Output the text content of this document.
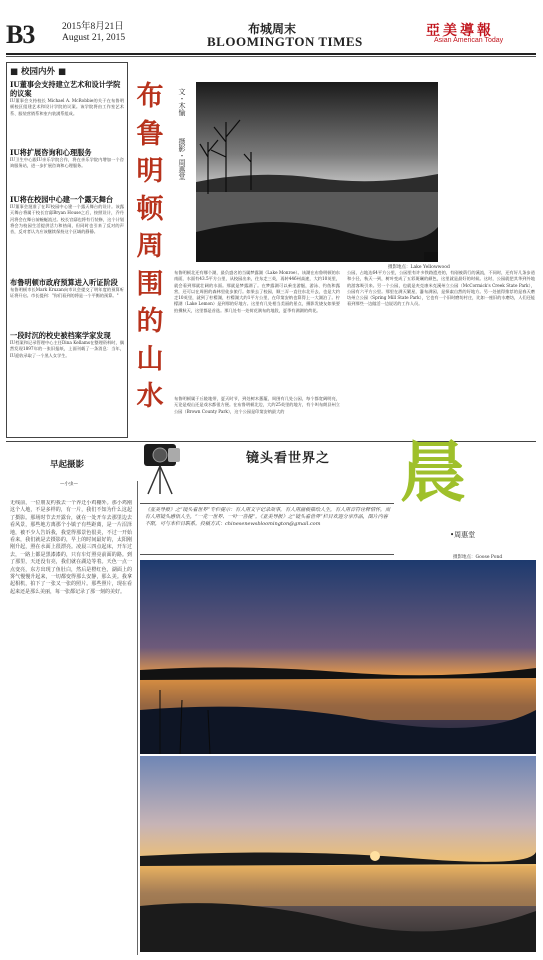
B3	2015年8月21日
August 21, 2015
布城周末
BLOOMINGTON TIMES
亞美導報
Asian American Today
■ 校园内外 ■
IU董事会支持建立艺术和设计学院的议案
IU董事会支持校长 Michael A. McRobbie的关于在布鲁明顿校区组建艺术和设计学院的议案。该学院将由工作室艺术系、服装营销系和室内装潢系组成。
IU将扩展咨询和心理服务
IU卫生中心跟IU亲乐学院合作，将在亲乐学院内增加一个咨询服务站，进一步扩展咨询和心理服务。
IU将在校园中心建一个露天舞台
IU董事会批准了在IU校园中心建一个露天舞台的设计。该露天舞台将属于校长官邸Bryan House之后，按照设计，乔丹河将会在舞台前蜿蜒流过。校长官邸也将有行装修，这个计划将会为校园生活提供活力和热闹，但同时也引来了反对的声音，反对者认为应该继续保持这个区域的静静。
布鲁明顿市政府预算进入听证阶段
布鲁明顿市长Mark Kruzan向市议会提交了明年度的预算听证将开启。市长提到："你们看到的将是一个平衡的预算。"
一段时沉的校史被档案学家发现
IU档案和记录管理中心主任Dina Kellams在整理资料时，偶然发现1897年的一张旧报纸，上面刊载了一条消息：当年，IU迎收录取了一个黑人女学生。
布
鲁
明
顿
周
围
的
山
水
文・木愉
摄影・周惠堂
摄影地点：Lake Yellowwood
布鲁明顿北还有哪个湖，最负盛名的当属梦露湖（Lake Monroe）。该湖在布鲁明顿的东南面，水面有43.5平方公里，从校园出来，往东走三英，再转446州高速，大约10英里，就会看到那就壮阔的水面。那就是梦露湖了。在梦露湖可以乘坐游艇，游泳、钓鱼和露营，还可以在周围的森林里徒步旅行。如果去了校园，顺三弄一直往东北开去，也是大约走10英里，就到了柠檬湖，柠檬湖大约1平方公里，在印第安纳也算得上一大湖泊了。柠檬湖（Lake Lemon）是到那的好地方。这里有几处相当美丽的景点，摄影发烧友如果要拍摄秋天，这里都是首选。那几处有一处荷花满布的地段，夏季有满湖的荷花。
布鲁明顿属于丘陵地带，夏天时节，到处树木蔥蘢，周围有几处公园，每个都宽阔明亮，无论是观山还是戏水都很方便。在布鲁明顿北边，大约25英里的地方，有个叫布朗县州立公园（Brown County Park），这个公园是印第安纳最大的
公园，占地达64平方公里，公园里有许多铁路遗迹的，有刚被荫行的溪流，不同时，还有好几条步道和小径，秋天一到，树叶变成了五彩斑斓的颜色，这里就是最好的时候。这时，公园就把其华到外地的游客吸引来。另一个公园，也就是麦克康米克溪州立公园（McCormick's Creek State Park），公园有六平方公里。那里在满天繁星，瀑布满园，是探索自然的好地方。另一处值得推荐的是春天磨坊州立公园（Spring Mill State Park），它也有一个旧时磨坊村庄，比如一座旧的水磨坊，人们还能看到那些一边做活一边说话的工作人员。
早起摄影
—小虫—
无线前，一位朋友约我去一个养迁小鸡棚外。那小鸡刚这个人地，不是多样的，有一片，我们不知为什么这起了摄影。那场时节去开露台，就在一处开车去那里边去看风景，那些地方离那个小镇子有些距离，是一片沼泽地，被不少人告诉我，我觉得那景色很美，不过一开始看来，我们就是去摄影的，早上的时间最好的，太阳刚刚升起，照在水面上很漂亮。凌晨三四点起床，开车过去，一路上都是黑漆漆的，只有车灯照亮前面的路。到了那里，天还没有亮，我们就在湖边等着。天色一点一点变亮，东方出现了鱼肚白，然后是橙红色，湖面上的雾气慢慢升起来，一切都变得那么安静，那么美。我拿起相机，拍下了一张又一张的照片。那些照片，现在看起来还是那么美丽，每一张都记录了那一刻的美好。
镜头看世界之 晨
•周惠堂
《亚美导报》之“镜头看世界”专栏提示：有人用文字记录故事，有人用画板描绘人生，有人用音符诠释情怀，而有人用镜头感悟人生，“一花一世界、一叶一菩提”。《亚美导报》之“镜头看世界”栏目欢迎分享作品，图片内容不限，可与本栏目联系。投稿方式：chinesenewsbloomington@gmail.com
摄影地点：Goose Pond
